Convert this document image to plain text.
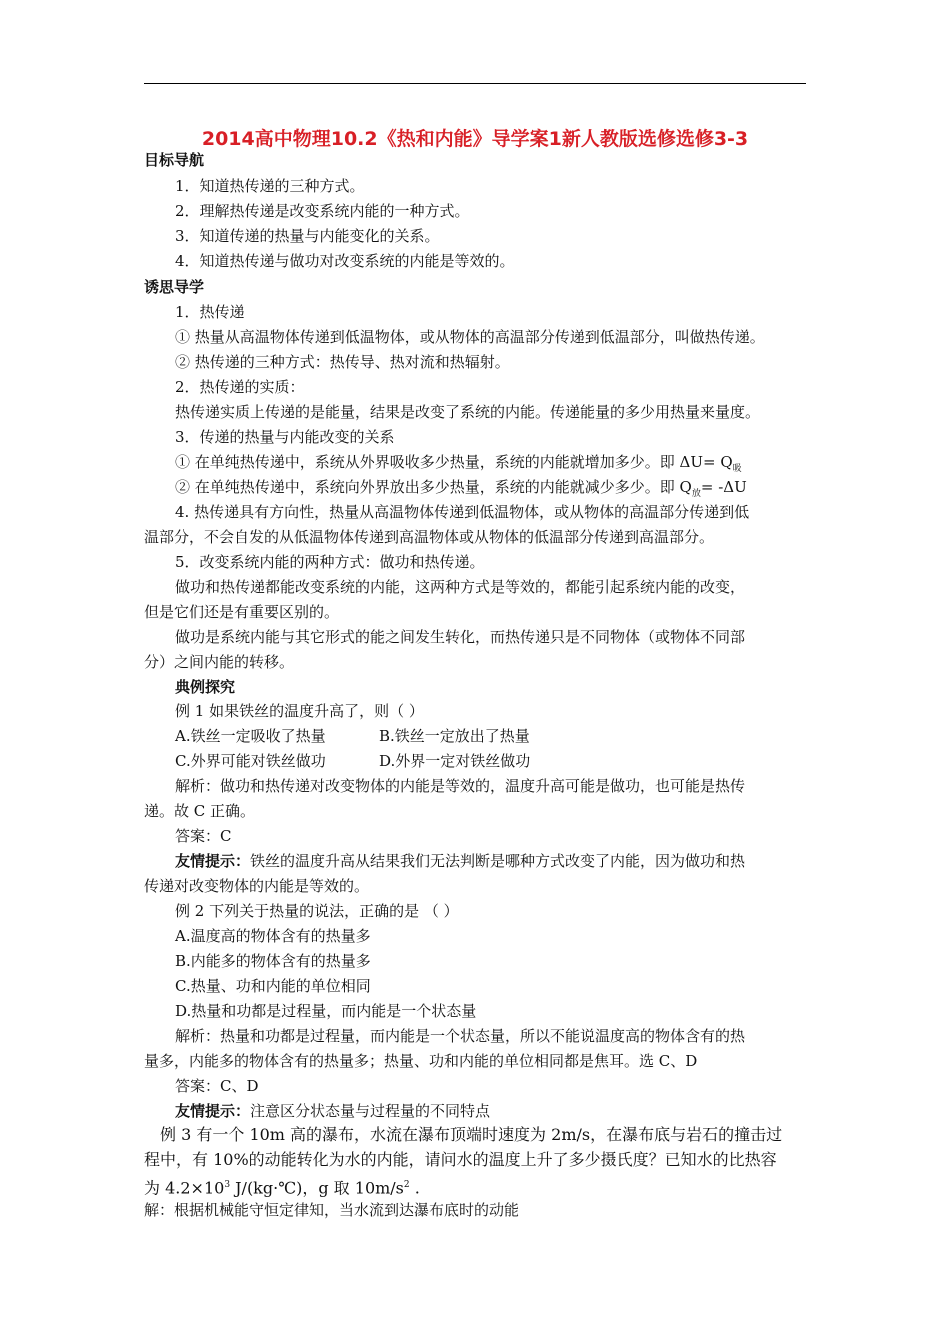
2014高中物理10.2《热和内能》导学案1新人教版选修选修3-3
目标导航
1．知道热传递的三种方式。
2．理解热传递是改变系统内能的一种方式。
3．知道传递的热量与内能变化的关系。
4．知道热传递与做功对改变系统的内能是等效的。
诱思导学
1．热传递
① 热量从高温物体传递到低温物体，或从物体的高温部分传递到低温部分，叫做热传递。
② 热传递的三种方式：热传导、热对流和热辐射。
2．热传递的实质：
热传递实质上传递的是能量，结果是改变了系统的内能。传递能量的多少用热量来量度。
3．传递的热量与内能改变的关系
① 在单纯热传递中，系统从外界吸收多少热量，系统的内能就增加多少。即 $\Delta U= Q_吸$
② 在单纯热传递中，系统向外界放出多少热量，系统的内能就减少多少。即 $Q_放= -\Delta U$
4. 热传递具有方向性，热量从高温物体传递到低温物体，或从物体的高温部分传递到低
温部分，不会自发的从低温物体传递到高温物体或从物体的低温部分传递到高温部分。
5．改变系统内能的两种方式：做功和热传递。
做功和热传递都能改变系统的内能，这两种方式是等效的，都能引起系统内能的改变，
但是它们还是有重要区别的。
做功是系统内能与其它形式的能之间发生转化，而热传递只是不同物体（或物体不同部
分）之间内能的转移。
典例探究
例 1 如果铁丝的温度升高了，则（ ）
A.铁丝一定吸收了热量	B.铁丝一定放出了热量
C.外界可能对铁丝做功	D.外界一定对铁丝做功
解析：做功和热传递对改变物体的内能是等效的，温度升高可能是做功，也可能是热传
递。故 C 正确。
答案：C
友情提示：铁丝的温度升高从结果我们无法判断是哪种方式改变了内能，因为做功和热
传递对改变物体的内能是等效的。
例 2 下列关于热量的说法，正确的是 （ ）
A.温度高的物体含有的热量多
B.内能多的物体含有的热量多
C.热量、功和内能的单位相同
D.热量和功都是过程量，而内能是一个状态量
解析：热量和功都是过程量，而内能是一个状态量，所以不能说温度高的物体含有的热
量多，内能多的物体含有的热量多；热量、功和内能的单位相同都是焦耳。选 C、D
答案：C、D
友情提示：注意区分状态量与过程量的不同特点
例 3 有一个 10m 高的瀑布，水流在瀑布顶端时速度为 2m/s，在瀑布底与岩石的撞击过
程中，有 10%的动能转化为水的内能，请问水的温度上升了多少摄氏度？已知水的比热容
为 $4.2\times 10^3$ J/(kg·℃)，g 取 $10m/s^2$ .
解：根据机械能守恒定律知，当水流到达瀑布底时的动能
